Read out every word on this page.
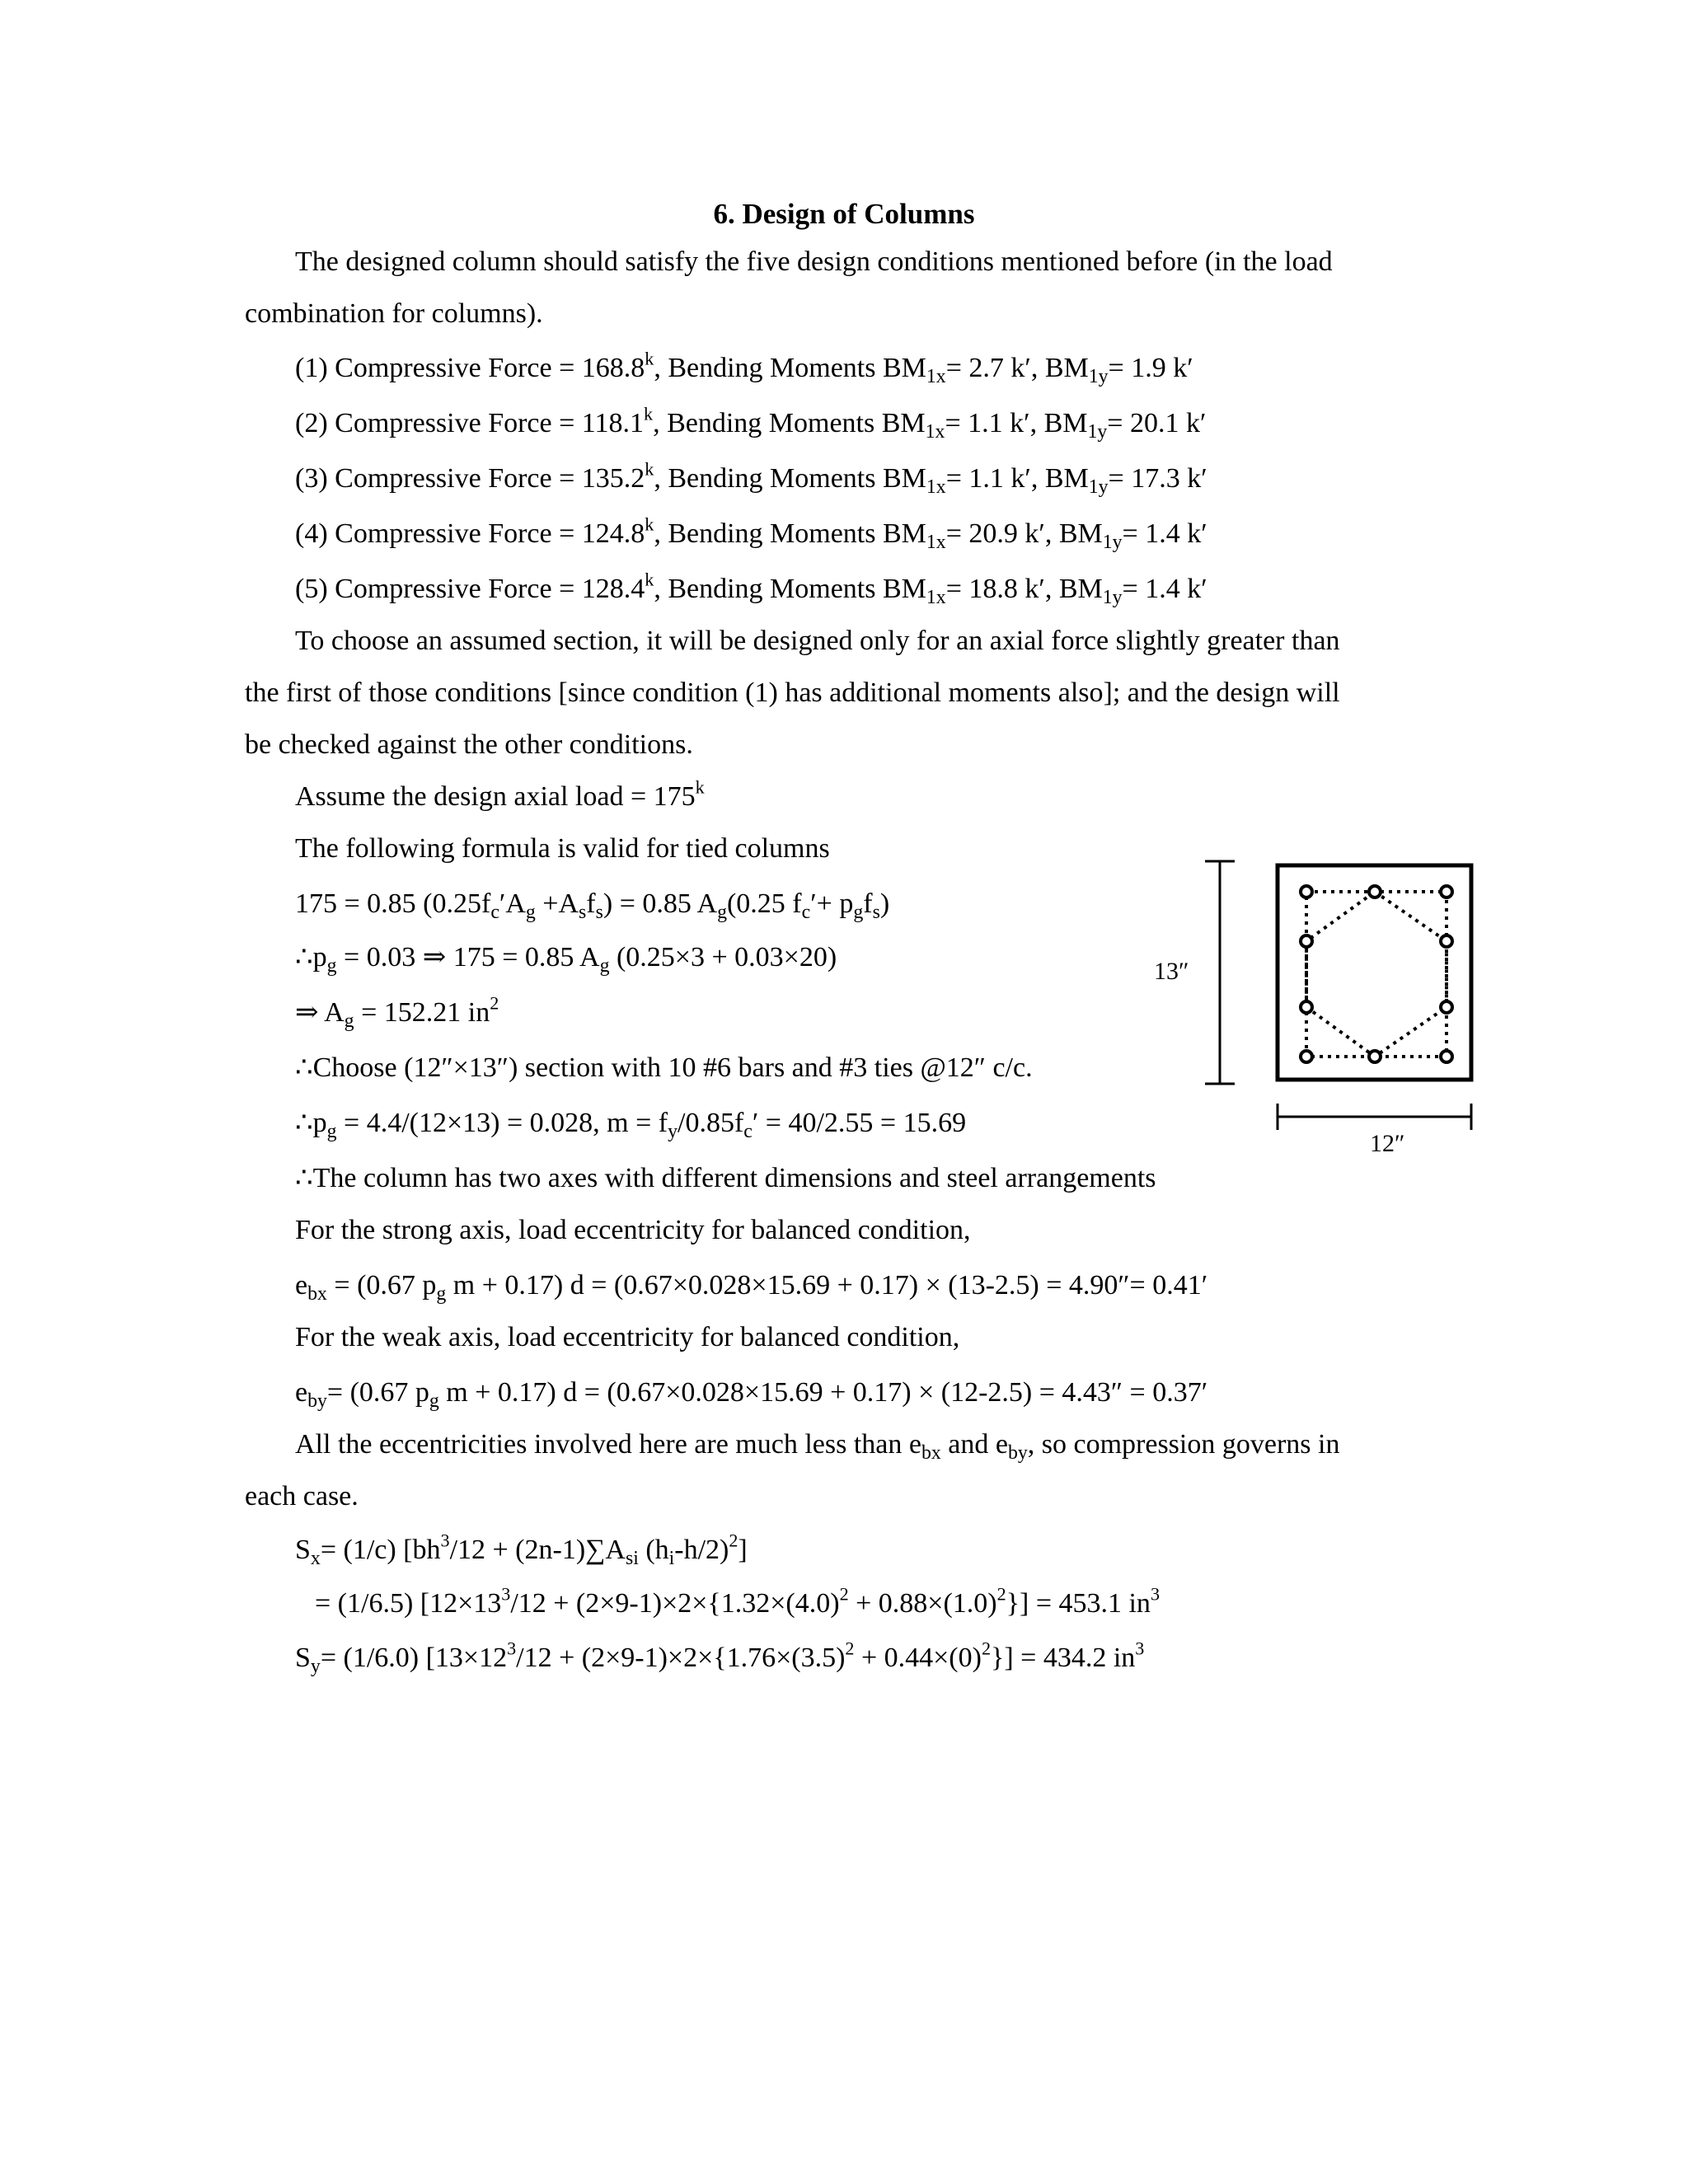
6. Design of Columns
The designed column should satisfy the five design conditions mentioned before (in the load
combination for columns).
(1) Compressive Force = $168.8^k$, Bending Moments $BM_{1x}= 2.7$ k′, $BM_{1y}= 1.9$ k′
(2) Compressive Force = $118.1^k$, Bending Moments $BM_{1x}= 1.1$ k′, $BM_{1y}= 20.1$ k′
(3) Compressive Force = $135.2^k$, Bending Moments $BM_{1x}= 1.1$ k′, $BM_{1y}= 17.3$ k′
(4) Compressive Force = $124.8^k$, Bending Moments $BM_{1x}= 20.9$ k′, $BM_{1y}= 1.4$ k′
(5) Compressive Force = $128.4^k$, Bending Moments $BM_{1x}= 18.8$ k′, $BM_{1y}= 1.4$ k′
To choose an assumed section, it will be designed only for an axial force slightly greater than
the first of those conditions [since condition (1) has additional moments also]; and the design will
be checked against the other conditions.
Assume the design axial load = $175^k$
The following formula is valid for tied columns
175 = 0.85 $(0.25f_c'A_g +A_sf_s) = 0.85$ $A_g(0.25$ $f_c'+ p_gf_s$)
$\therefore p_g = 0.03$ ⇒ 175 = 0.85 $A_g$ (0.25×3 + 0.03×20)
⇒ $A_g = 152.21$ $in^2$
∴Choose (12″×13″) section with 10 #6 bars and #3 ties @12″ c/c.
$\therefore p_g = 4.4/(12\times 13) = 0.028$, $m = f_y/0.85f_c' = 40/2.55 = 15.69$
∴The column has two axes with different dimensions and steel arrangements
For the strong axis, load eccentricity for balanced condition,
$e_{bx} = (0.67$ $p_g$ m + 0.17) d = (0.67×0.028×15.69 + 0.17) × (13-2.5) = 4.90″= 0.41′
For the weak axis, load eccentricity for balanced condition,
$e_{by}= (0.67$ $p_g$ m + 0.17) d = (0.67×0.028×15.69 + 0.17) × (12-2.5) = 4.43″ = 0.37′
All the eccentricities involved here are much less than $e_{bx}$ and $e_{by}$, so compression governs in
each case.
$S_x= (1/c) [bh^3/12 + (2n-1)\sum A_{si}$ $(h_i-h/2)^2$]
= (1/6.5) $[12\times 13^3/12 + (2\times 9-1)\times 2\times\{1.32\times(4.0)^2 + 0.88\times(1.0)^2\}] = 453.1$ $in^3$
$S_y= (1/6.0) [13\times 12^3/12 + (2\times 9-1)\times 2\times\{1.76\times(3.5)^2 + 0.44\times(0)^2\}] = 434.2$ $in^3$
13″
12″
